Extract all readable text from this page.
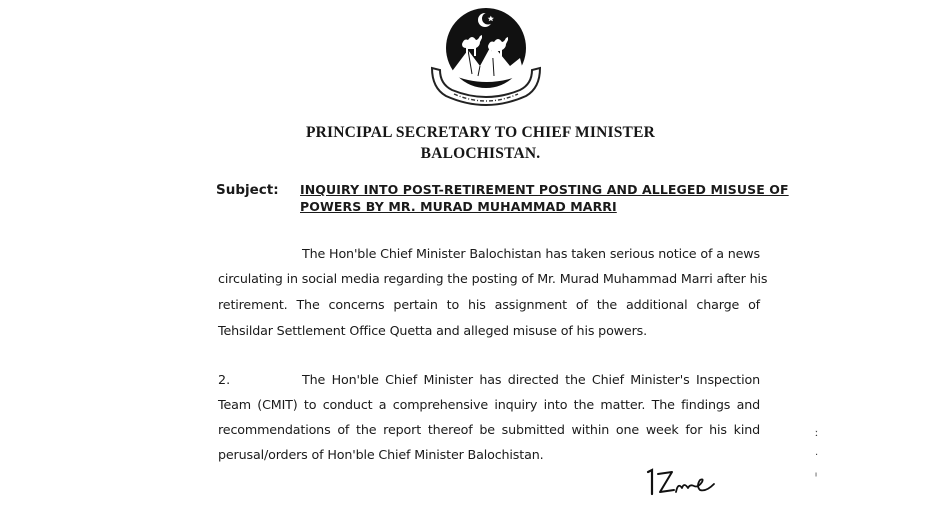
PRINCIPAL SECRETARY TO CHIEF MINISTER
BALOCHISTAN.
Subject: INQUIRY INTO POST-RETIREMENT POSTING AND ALLEGED MISUSE OF
POWERS BY MR. MURAD MUHAMMAD MARRI
The Hon'ble Chief Minister Balochistan has taken serious notice of a news
circulating in social media regarding the posting of Mr. Murad Muhammad Marri after his
retirement. The concerns pertain to his assignment of the additional charge of
Tehsildar Settlement Office Quetta and alleged misuse of his powers.
2.	The Hon'ble Chief Minister has directed the Chief Minister's Inspection
Team (CMIT) to conduct a comprehensive inquiry into the matter. The findings and
recommendations of the report thereof be submitted within one week for his kind
perusal/orders of Hon'ble Chief Minister Balochistan.
ː
·
ᑊ
